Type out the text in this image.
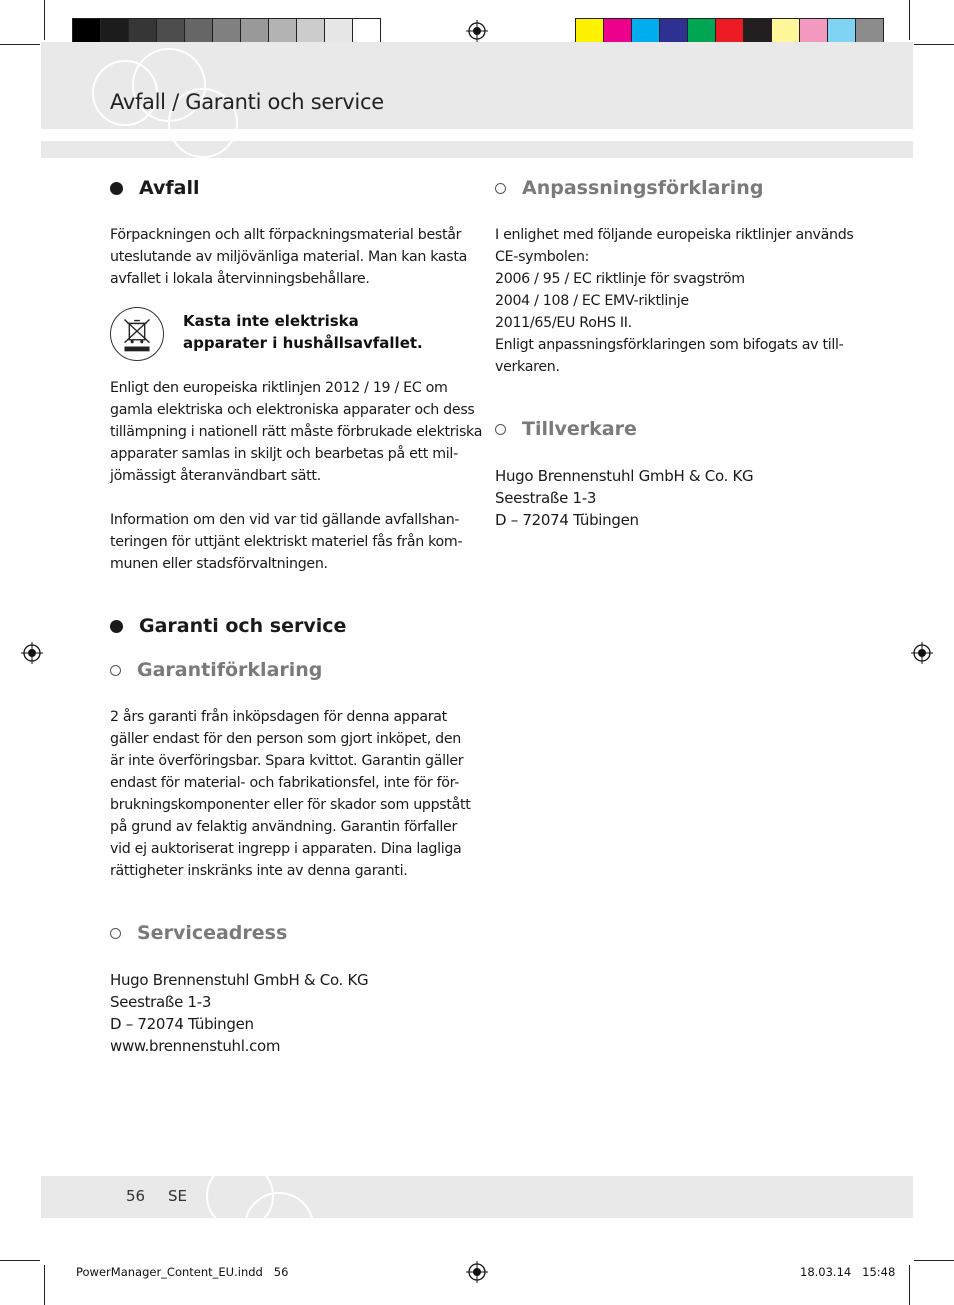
Avfall / Garanti och service
Avfall
Förpackningen och allt förpackningsmaterial består
uteslutande av miljövänliga material. Man kan kasta
avfallet i lokala återvinningsbehållare.
Kasta inte elektriska
apparater i hushållsavfallet.
Enligt den europeiska riktlinjen 2012 / 19 / EC om
gamla elektriska och elektroniska apparater och dess
tillämpning i nationell rätt måste förbrukade elektriska
apparater samlas in skiljt och bearbetas på ett mil-
jömässigt återanvändbart sätt.
Information om den vid var tid gällande avfallshan-
teringen för uttjänt elektriskt materiel fås från kom-
munen eller stadsförvaltningen.
Garanti och service
Garantiförklaring
2 års garanti från inköpsdagen för denna apparat
gäller endast för den person som gjort inköpet, den
är inte överföringsbar. Spara kvittot. Garantin gäller
endast för material- och fabrikationsfel, inte för för-
brukningskomponenter eller för skador som uppstått
på grund av felaktig användning. Garantin förfaller
vid ej auktoriserat ingrepp i apparaten. Dina lagliga
rättigheter inskränks inte av denna garanti.
Serviceadress
Hugo Brennenstuhl GmbH & Co. KG
Seestraße 1-3
D – 72074 Tübingen
www.brennenstuhl.com
Anpassningsförklaring
I enlighet med följande europeiska riktlinjer används
CE-symbolen:
2006 / 95 / EC riktlinje för svagström
2004 / 108 / EC EMV-riktlinje
2011/65/EU RoHS II.
Enligt anpassningsförklaringen som bifogats av till-
verkaren.
Tillverkare
Hugo Brennenstuhl GmbH & Co. KG
Seestraße 1-3
D – 72074 Tübingen
56 SE
PowerManager_Content_EU.indd   56	18.03.14   15:48
